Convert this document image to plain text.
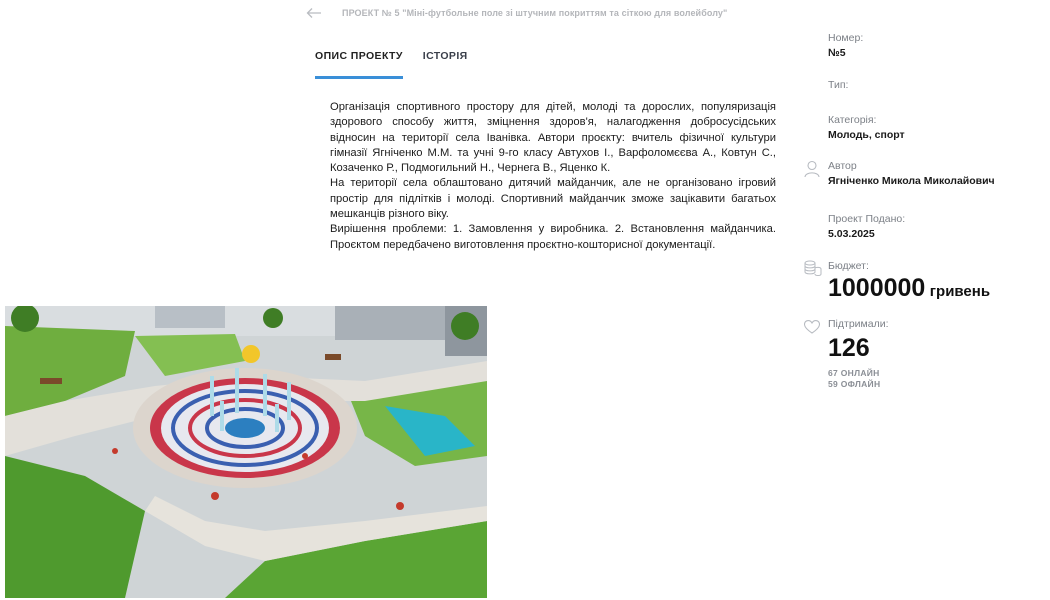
ПРОЕКТ № 5 "Міні-футбольне поле зі штучним покриттям та сіткою для волейболу"
ОПИС ПРОЕКТУ ІСТОРІЯ

Організація спортивного простору для дітей, молоді та дорослих, популяризація здорового способу життя, зміцнення здоров'я, налагодження добросусідських відносин на території села Іванівка. Автори проєкту: вчитель фізичної культури гімназії Ягніченко М.М. та учні 9-го класу Автухов І., Варфоломєєва А., Ковтун С., Козаченко Р., Подмогильний Н., Чернега В., Яценко К.

На території села облаштовано дитячий майданчик, але не організовано ігровий простір для підлітків і молоді. Спортивний майданчик зможе зацікавити багатьох мешканців різного віку.

Вирішення проблеми: 1. Замовлення у виробника. 2. Встановлення майданчика. Проєктом передбачено виготовлення проєктно-кошторисної документації.

Номер:
№5
Тип:
Категорія:
Молодь, спорт
Автор
Ягніченко Микола Миколайович
Проект Подано:
5.03.2025
Бюджет:
1000000 гривень
Підтримали:
126
67 ОНЛАЙН
59 ОФЛАЙН
